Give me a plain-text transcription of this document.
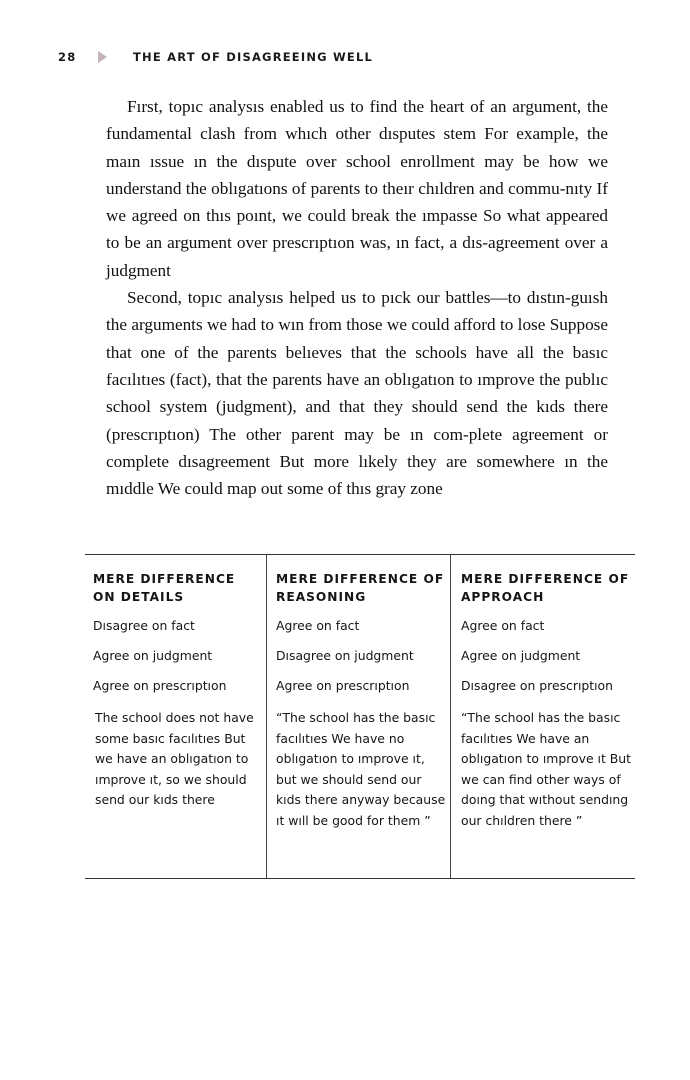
28	THE ART OF DISAGREEING WELL

Fırst, topıc analysıs enabled us to find the heart of an argument, the fundamental clash from whıch other dısputes stem For example, the maın ıssue ın the dıspute over school enrollment may be how we understand the oblıgatıons of parents to theır chıldren and commu-nıty If we agreed on thıs poınt, we could break the ımpasse So what appeared to be an argument over prescrıptıon was, ın fact, a dıs-agreement over a judgment

Second, topıc analysıs helped us to pıck our battles—to dıstın-guısh the arguments we had to wın from those we could afford to lose Suppose that one of the parents belıeves that the schools have all the basıc facılıtıes (fact), that the parents have an oblıgatıon to ımprove the publıc school system (judgment), and that they should send the kıds there (prescrıptıon) The other parent may be ın com-plete agreement or complete dısagreement But more lıkely they are somewhere ın the mıddle We could map out some of thıs gray zone

MERE DIFFERENCE ON DETAILS
Dısagree on fact
Agree on judgment
Agree on prescrıptıon
The school does not have some basıc facılıtıes But we have an oblıgatıon to ımprove ıt, so we should send our kıds there
MERE DIFFERENCE OF REASONING
Agree on fact
Dısagree on judgment
Agree on prescrıptıon
“The school has the basıc facılıtıes We have no oblıgatıon to ımprove ıt, but we should send our kıds there anyway because ıt wıll be good for them ”
MERE DIFFERENCE OF APPROACH
Agree on fact
Agree on judgment
Dısagree on prescrıptıon
“The school has the basıc facılıtıes We have an oblıgatıon to ımprove ıt But we can find other ways of doıng that wıthout sendıng our chıldren there ”
